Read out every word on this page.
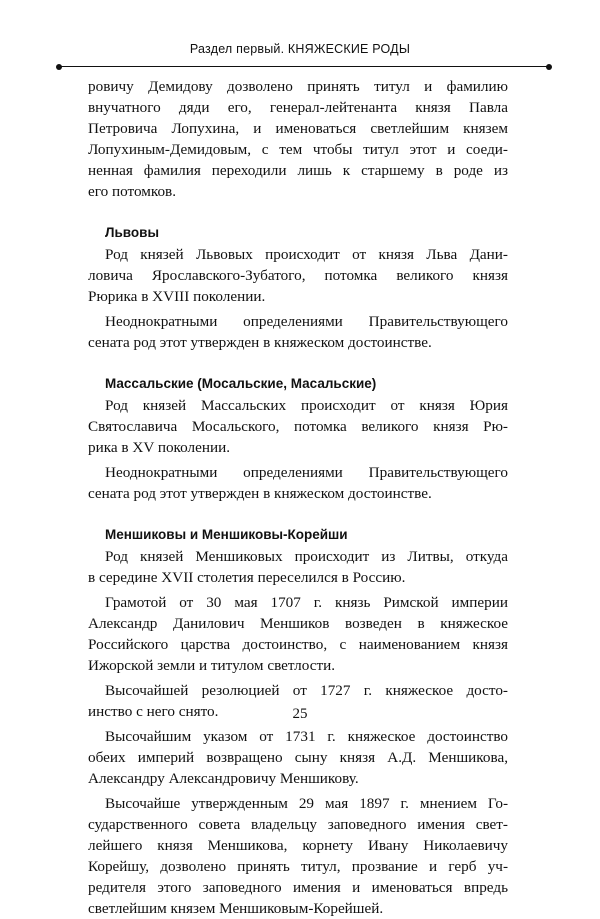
Раздел первый. КНЯЖЕСКИЕ РОДЫ
ровичу Демидову дозволено принять титул и фамилию
внучатного дяди его, генерал-лейтенанта князя Павла
Петровича Лопухина, и именоваться светлейшим князем
Лопухиным-Демидовым, с тем чтобы титул этот и соеди-
ненная фамилия переходили лишь к старшему в роде из
его потомков.
Львовы
Род князей Львовых происходит от князя Льва Дани-
ловича Ярославского-Зубатого, потомка великого князя
Рюрика в XVIII поколении.
Неоднократными определениями Правительствующего
сената род этот утвержден в княжеском достоинстве.
Массальские (Мосальские, Масальские)
Род князей Массальских происходит от князя Юрия
Святославича Мосальского, потомка великого князя Рю-
рика в XV поколении.
Неоднократными определениями Правительствующего
сената род этот утвержден в княжеском достоинстве.
Меншиковы и Меншиковы-Корейши
Род князей Меншиковых происходит из Литвы, откуда
в середине XVII столетия переселился в Россию.
Грамотой от 30 мая 1707 г. князь Римской империи
Александр Данилович Меншиков возведен в княжеское
Российского царства достоинство, с наименованием князя
Ижорской земли и титулом светлости.
Высочайшей резолюцией от 1727 г. княжеское досто-
инство с него снято.
Высочайшим указом от 1731 г. княжеское достоинство
обеих империй возвращено сыну князя А.Д. Меншикова,
Александру Александровичу Меншикову.
Высочайше утвержденным 29 мая 1897 г. мнением Го-
сударственного совета владельцу заповедного имения свет-
лейшего князя Меншикова, корнету Ивану Николаевичу
Корейшу, дозволено принять титул, прозвание и герб уч-
редителя этого заповедного имения и именоваться впредь
светлейшим князем Меншиковым-Корейшей.
25
